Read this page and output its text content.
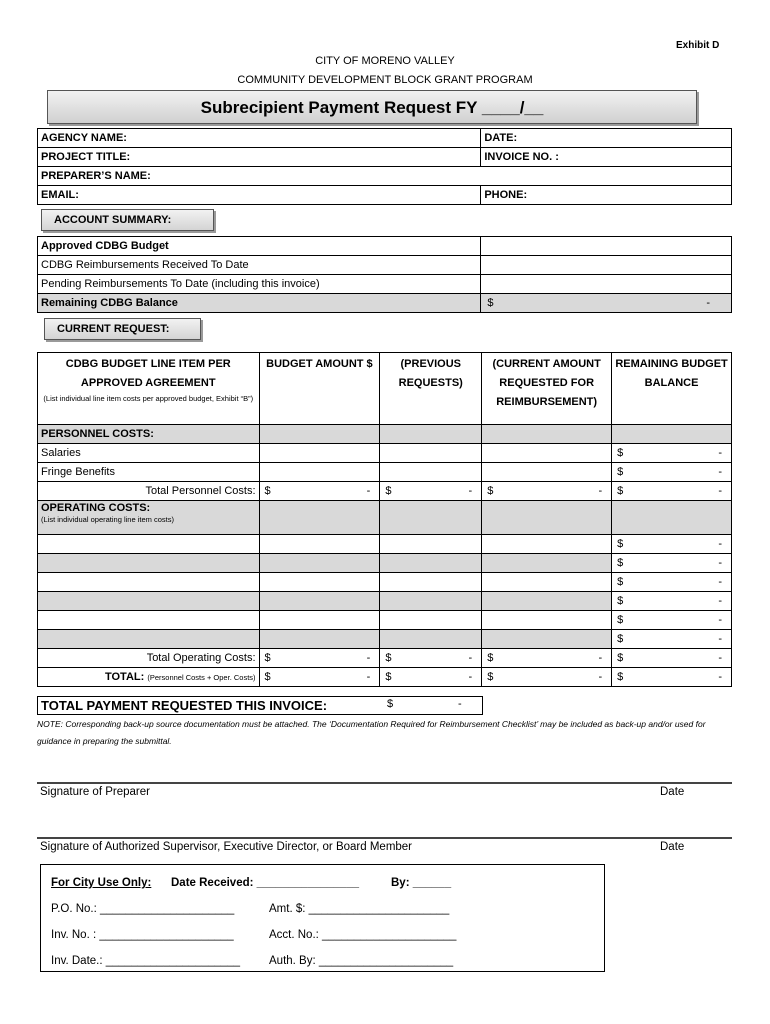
Exhibit D
CITY OF MORENO VALLEY
COMMUNITY DEVELOPMENT BLOCK GRANT PROGRAM
Subrecipient Payment Request FY ____/__
AGENCY NAME:	DATE:
PROJECT TITLE:	INVOICE NO. :
PREPARER’S NAME:	
EMAIL:	PHONE:
ACCOUNT SUMMARY:
Approved CDBG Budget	
CDBG Reimbursements Received To Date	
Pending Reimbursements To Date (including this invoice)	
Remaining CDBG Balance	$ -
CURRENT REQUEST:
CDBG BUDGET LINE ITEM PER APPROVED AGREEMENT
(List individual line item costs per approved budget, Exhibit “B”)	BUDGET AMOUNT $	(PREVIOUS REQUESTS)	(CURRENT AMOUNT REQUESTED FOR REIMBURSEMENT)	REMAINING BUDGET BALANCE
PERSONNEL COSTS:				
Salaries				$ -

Fringe Benefits				$ -

Total Personnel Costs:	$ -	$ -	$ -	$ -

OPERATING COSTS:
(List individual operating line item costs)				

				$ -

				$ -

				$ -

				$ -

				$ -

				$ -

Total Operating Costs:	$ -	$ -	$ -	$ -

TOTAL: (Personnel Costs + Oper. Costs)	$ -	$ -	$ -	$ -
TOTAL PAYMENT REQUESTED THIS INVOICE:	$	-
NOTE: Corresponding back-up source documentation must be attached. The ‘Documentation Required for Reimbursement Checklist’ may be included as back-up and/or used for guidance in preparing the submittal.
Signature of Preparer	Date
Signature of Authorized Supervisor, Executive Director, or Board Member	Date
For City Use Only: Date Received: ________________	By: ______
P.O. No.: _____________________	Amt. $: ______________________
Inv. No. : _____________________	Acct. No.: _____________________
Inv. Date.: _____________________	Auth. By: _____________________
